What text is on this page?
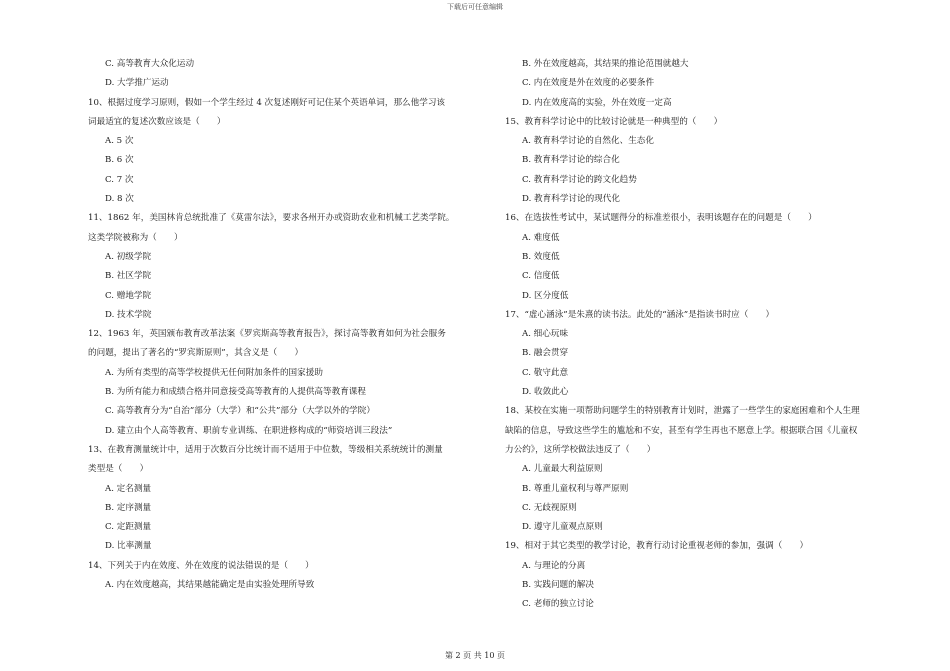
下载后可任意编辑
C. 高等教育大众化运动
D. 大学推广运动
10、根据过度学习原则，假如一个学生经过 4 次复述刚好可记住某个英语单词，那么他学习该
词最适宜的复述次数应该是（　　）
A. 5 次
B. 6 次
C. 7 次
D. 8 次
11、1862 年，美国林肯总统批准了《莫雷尔法》，要求各州开办或资助农业和机械工艺类学院。
这类学院被称为（　　）
A. 初级学院
B. 社区学院
C. 赠地学院
D. 技术学院
12、1963 年，英国颁布教育改革法案《罗宾斯高等教育报告》，探讨高等教育如何为社会服务
的问题，提出了著名的“罗宾斯原则”，其含义是（　　）
A. 为所有类型的高等学校提供无任何附加条件的国家援助
B. 为所有能力和成绩合格并同意接受高等教育的人提供高等教育课程
C. 高等教育分为“自治”部分（大学）和“公共”部分（大学以外的学院）
D. 建立由个人高等教育、职前专业训练、在职进修构成的“师资培训三段法”
13、在教育测量统计中，适用于次数百分比统计而不适用于中位数，等级相关系统统计的测量
类型是（　　）
A. 定名测量
B. 定序测量
C. 定距测量
D. 比率测量
14、下列关于内在效度、外在效度的说法错误的是（　　）
A. 内在效度越高，其结果越能确定是由实验处理所导致
B. 外在效度越高，其结果的推论范围就越大
C. 内在效度是外在效度的必要条件
D. 内在效度高的实验，外在效度一定高
15、教育科学讨论中的比较讨论就是一种典型的（　　）
A. 教育科学讨论的自然化、生态化
B. 教育科学讨论的综合化
C. 教育科学讨论的跨文化趋势
D. 教育科学讨论的现代化
16、在选拔性考试中，某试题得分的标准差很小，表明该题存在的问题是（　　）
A. 难度低
B. 效度低
C. 信度低
D. 区分度低
17、“虚心涵泳”是朱熹的读书法。此处的“涵泳”是指读书时应（　　）
A. 细心玩味
B. 融会贯穿
C. 敬守此意
D. 收敛此心
18、某校在实施一项帮助问题学生的特别教育计划时，泄露了一些学生的家庭困难和个人生理
缺陷的信息，导致这些学生的尴尬和不安，甚至有学生再也不愿意上学。根据联合国《儿童权
力公约》，这所学校做法违反了（　　）
A. 儿童最大利益原则
B. 尊重儿童权利与尊严原则
C. 无歧视原则
D. 遵守儿童观点原则
19、相对于其它类型的教学讨论，教育行动讨论重视老师的参加，强调（　　）
A. 与理论的分离
B. 实践问题的解决
C. 老师的独立讨论
第 2 页 共 10 页
